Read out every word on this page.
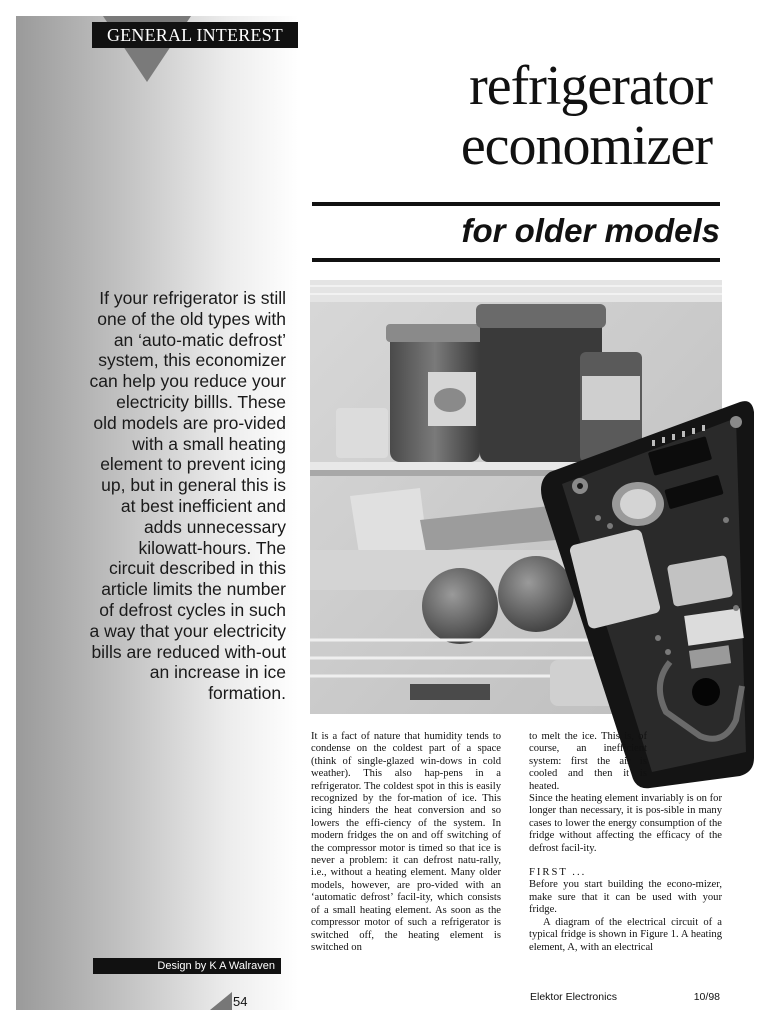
GENERAL INTEREST
refrigerator
economizer
for older models
If your refrigerator is still one of the old types with an ‘auto-matic defrost’ system, this economizer can help you reduce your electricity billls. These old models are pro-vided with a small heating element to prevent icing up, but in general this is at best inefficient and adds unnecessary kilowatt-hours. The circuit described in this article limits the number of defrost cycles in such a way that your electricity bills are reduced with-out an increase in ice formation.

It is a fact of nature that humidity tends to condense on the coldest part of a space (think of single-glazed win-dows in cold weather). This also hap-pens in a refrigerator. The coldest spot in this is easily recognized by the for-mation of ice. This icing hinders the heat conversion and so lowers the effi-ciency of the system. In modern fridges the on and off switching of the compressor motor is timed so that ice is never a problem: it can defrost natu-rally, i.e., without a heating element. Many older models, however, are pro-vided with an ‘automatic defrost’ facil-ity, which consists of a small heating element. As soon as the compressor motor of such a refrigerator is switched off, the heating element is switched on

to melt the ice. This is, of course, an inefficient system: first the air is cooled and then it is heated.

Since the heating element invariably is on for longer than necessary, it is pos-sible in many cases to lower the energy consumption of the fridge without affecting the efficacy of the defrost facil-ity.

FIRST ...

Before you start building the econo-mizer, make sure that it can be used with your fridge.

A diagram of the electrical circuit of a typical fridge is shown in Figure 1. A heating element, A, with an electrical

Design by K A Walraven
54	Elektor Electronics	10/98
